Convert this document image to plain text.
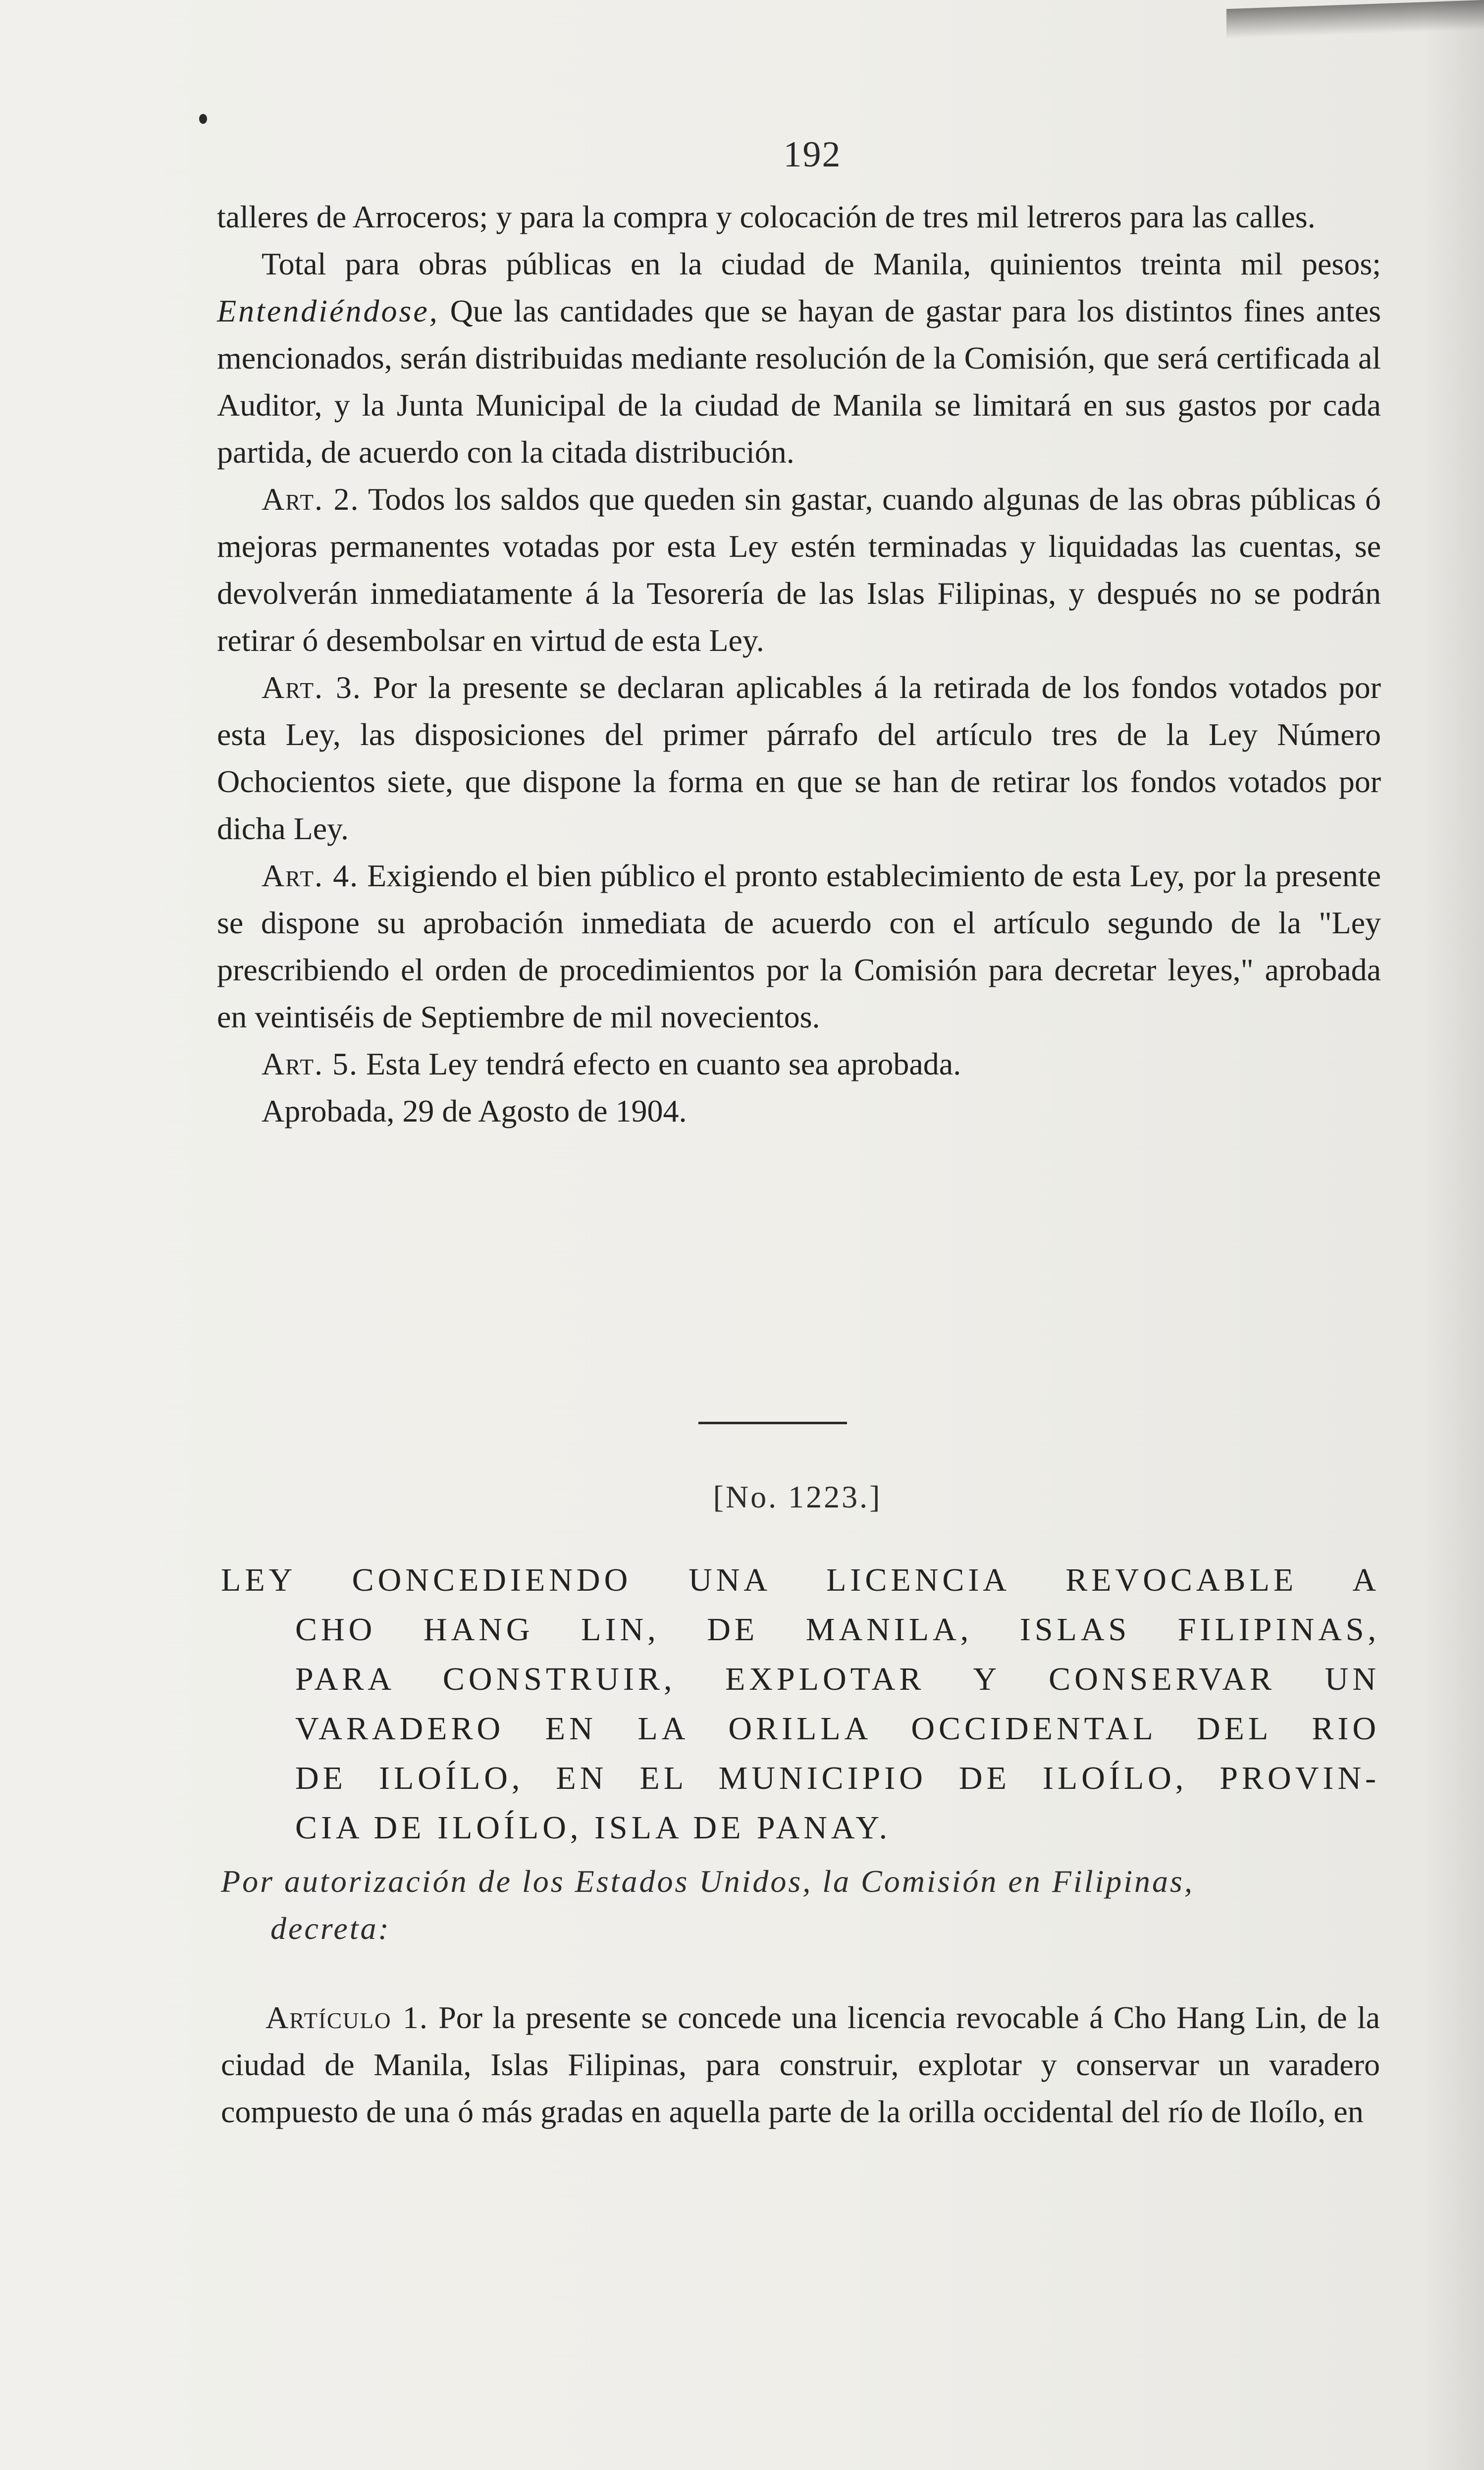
192

talleres de Arroceros; y para la compra y colocación de tres mil letreros para las calles.

Total para obras públicas en la ciudad de Manila, quinientos treinta mil pesos; Entendiéndose, Que las cantidades que se hayan de gastar para los distintos fines antes mencionados, serán distribuidas mediante resolución de la Comisión, que será certificada al Auditor, y la Junta Municipal de la ciudad de Manila se limitará en sus gastos por cada partida, de acuerdo con la citada distribución.

Art. 2. Todos los saldos que queden sin gastar, cuando algunas de las obras públicas ó mejoras permanentes votadas por esta Ley estén terminadas y liquidadas las cuentas, se devolverán inmediatamente á la Tesorería de las Islas Filipinas, y después no se podrán retirar ó desembolsar en virtud de esta Ley.

Art. 3. Por la presente se declaran aplicables á la retirada de los fondos votados por esta Ley, las disposiciones del primer párrafo del artículo tres de la Ley Número Ochocientos siete, que dispone la forma en que se han de retirar los fondos votados por dicha Ley.

Art. 4. Exigiendo el bien público el pronto establecimiento de esta Ley, por la presente se dispone su aprobación inmediata de acuerdo con el artículo segundo de la "Ley prescribiendo el orden de procedimientos por la Comisión para decretar leyes," aprobada en veintiséis de Septiembre de mil novecientos.

Art. 5. Esta Ley tendrá efecto en cuanto sea aprobada.

Aprobada, 29 de Agosto de 1904.

[No. 1223.]

LEY CONCEDIENDO UNA LICENCIA REVOCABLE A

CHO HANG LIN, DE MANILA, ISLAS FILIPINAS,

PARA CONSTRUIR, EXPLOTAR Y CONSERVAR UN

VARADERO EN LA ORILLA OCCIDENTAL DEL RIO

DE ILOÍLO, EN EL MUNICIPIO DE ILOÍLO, PROVIN-

CIA DE ILOÍLO, ISLA DE PANAY.

Por autorización de los Estados Unidos, la Comisión en Filipinas,

decreta:

Artículo 1. Por la presente se concede una licencia revocable á Cho Hang Lin, de la ciudad de Manila, Islas Filipinas, para construir, explotar y conservar un varadero compuesto de una ó más gradas en aquella parte de la orilla occidental del río de Iloílo, en
